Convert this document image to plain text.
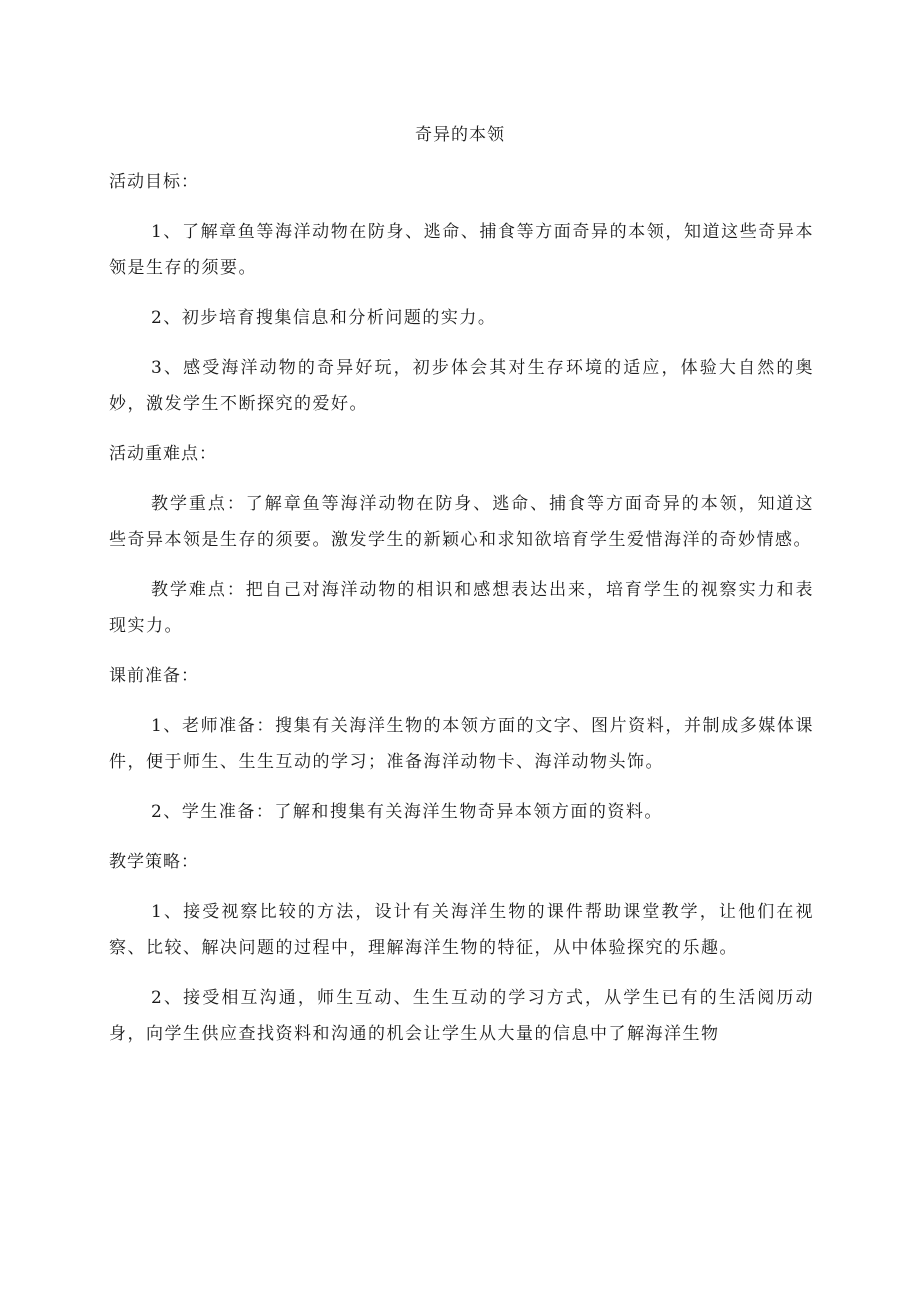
奇异的本领

活动目标：

1、了解章鱼等海洋动物在防身、逃命、捕食等方面奇异的本领，知道这些奇异本领是生存的须要。

2、初步培育搜集信息和分析问题的实力。

3、感受海洋动物的奇异好玩，初步体会其对生存环境的适应，体验大自然的奥妙，激发学生不断探究的爱好。

活动重难点：

教学重点：了解章鱼等海洋动物在防身、逃命、捕食等方面奇异的本领，知道这些奇异本领是生存的须要。激发学生的新颖心和求知欲培育学生爱惜海洋的奇妙情感。

教学难点：把自己对海洋动物的相识和感想表达出来，培育学生的视察实力和表现实力。

课前准备：

1、老师准备：搜集有关海洋生物的本领方面的文字、图片资料，并制成多媒体课件，便于师生、生生互动的学习；准备海洋动物卡、海洋动物头饰。

2、学生准备：了解和搜集有关海洋生物奇异本领方面的资料。

教学策略：

1、接受视察比较的方法，设计有关海洋生物的课件帮助课堂教学，让他们在视察、比较、解决问题的过程中，理解海洋生物的特征，从中体验探究的乐趣。

2、接受相互沟通，师生互动、生生互动的学习方式，从学生已有的生活阅历动身，向学生供应查找资料和沟通的机会让学生从大量的信息中了解海洋生物
